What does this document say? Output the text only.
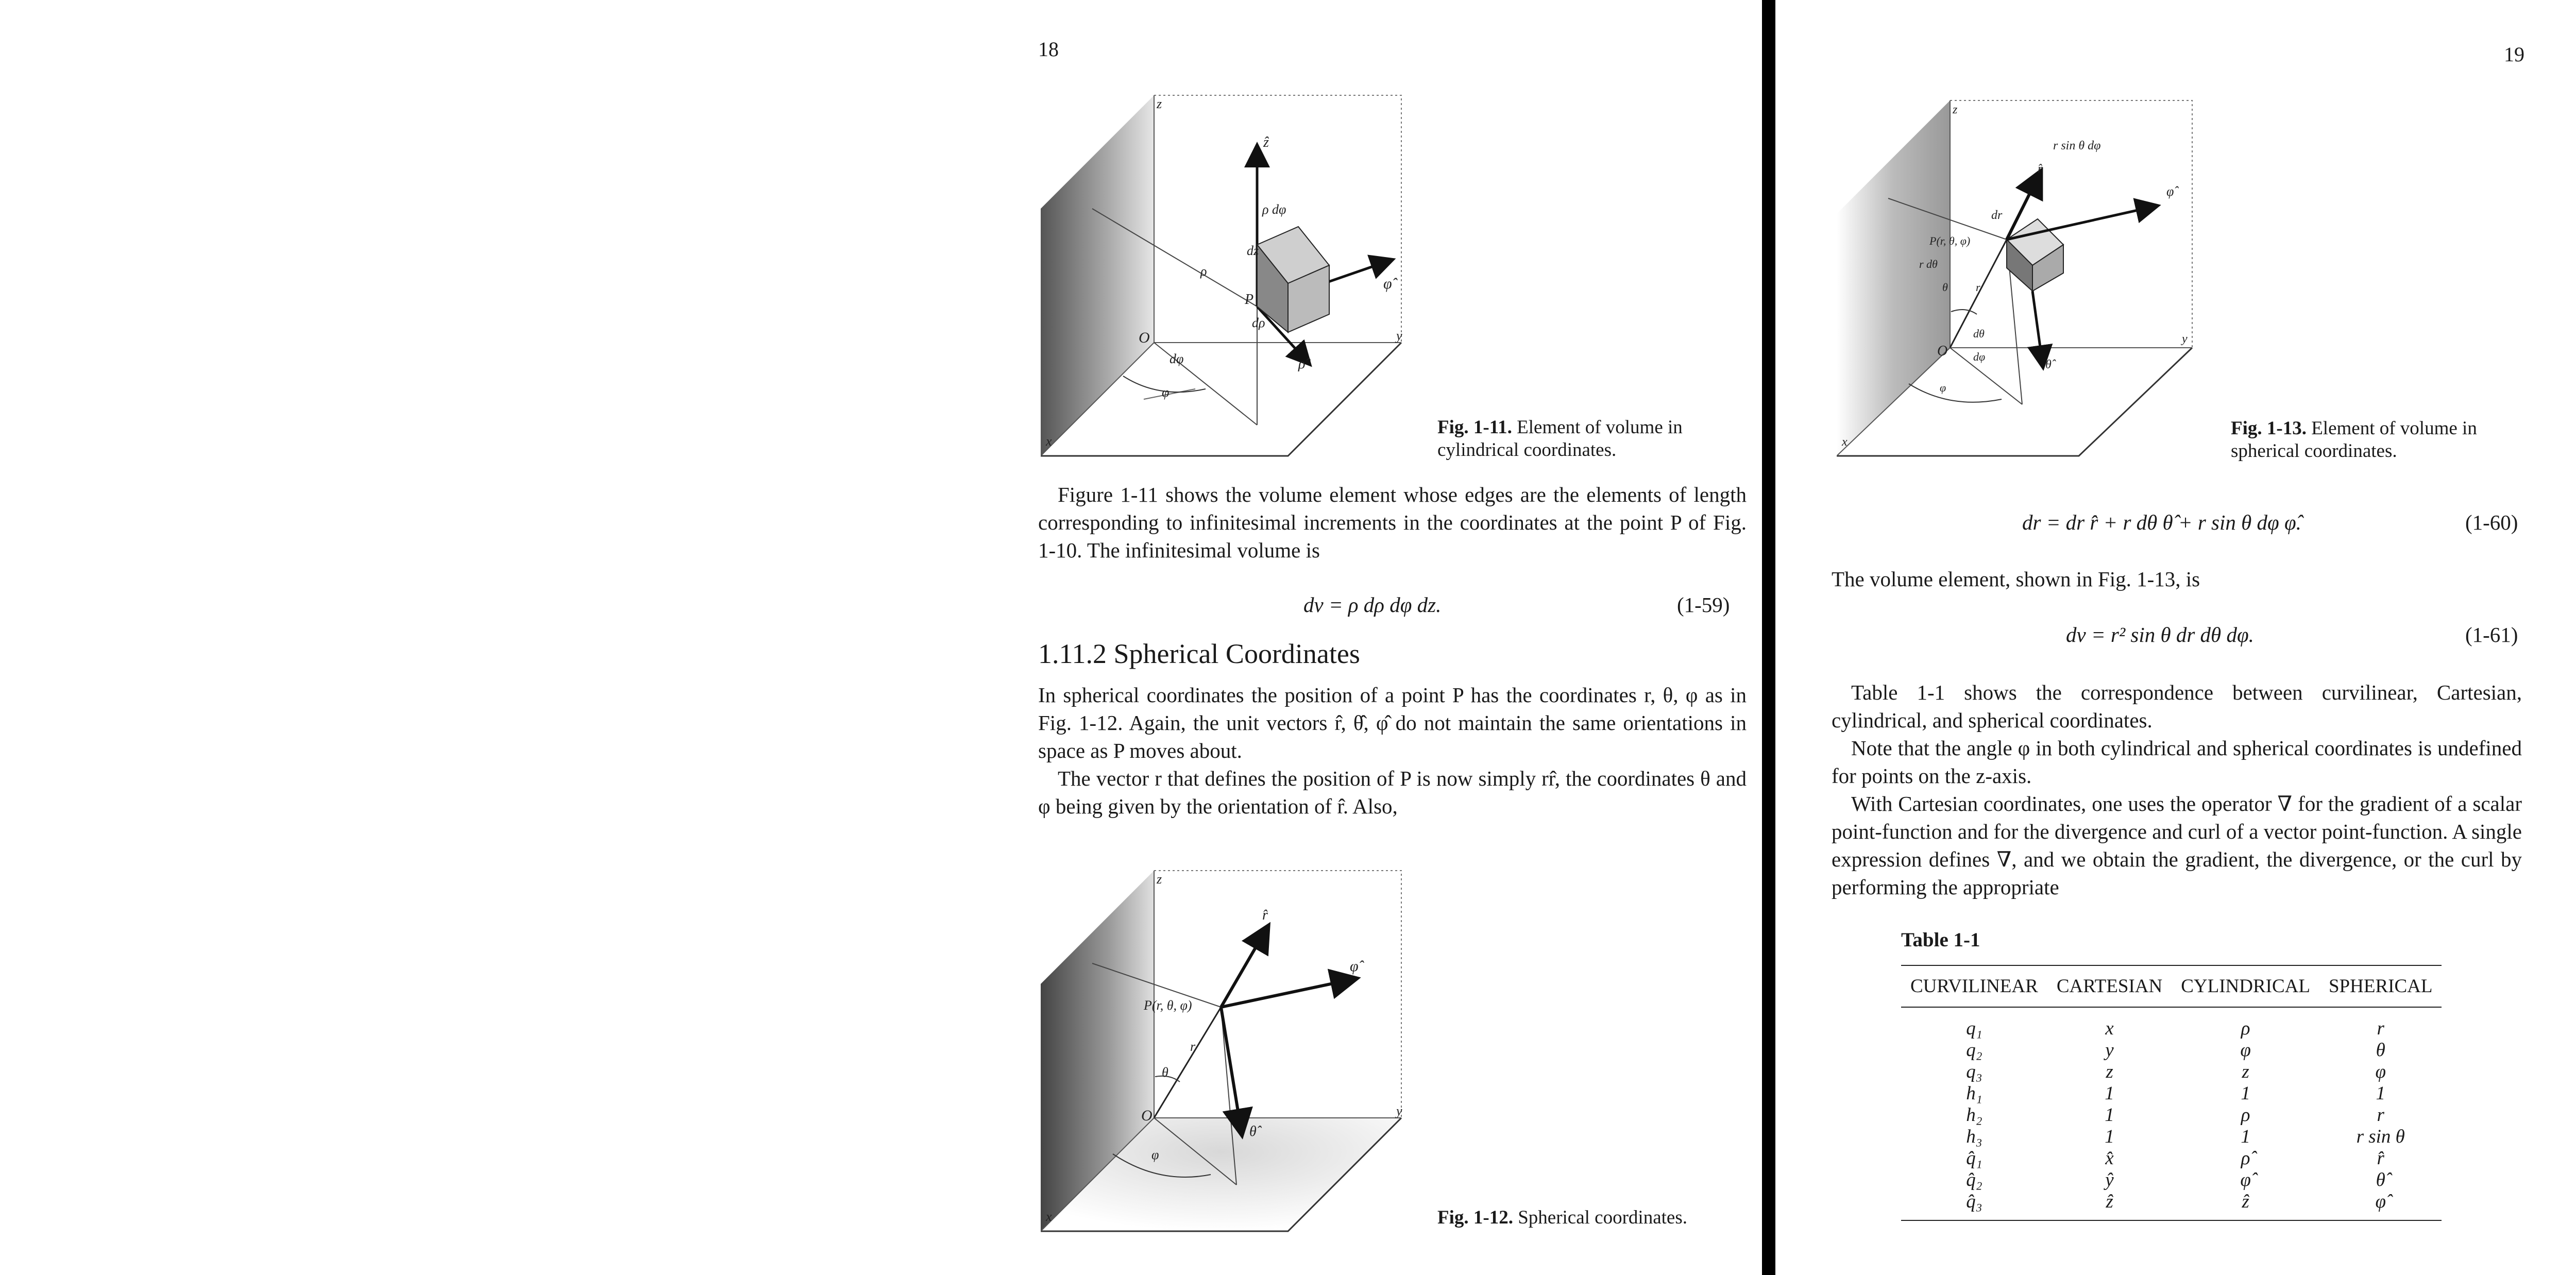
18
ẑ
ρ dφ
dz
ρ
P
φ̂
dρ
ρ̂
O
dφ
φ
x
y
z
Fig. 1-11. Element of volume in cylindrical coordinates.

Figure 1-11 shows the volume element whose edges are the elements of length corresponding to infinitesimal increments in the coordinates at the point P of Fig. 1-10. The infinitesimal volume is

dv = ρ dρ dφ dz.	(1-59)
1.11.2 Spherical Coordinates

In spherical coordinates the position of a point P has the coordinates r, θ, φ as in Fig. 1-12. Again, the unit vectors r̂, θ̂, φ̂ do not maintain the same orientations in space as P moves about.

The vector r that defines the position of P is now simply rr̂, the coordinates θ and φ being given by the orientation of r̂. Also,

r̂
φ̂
P(r, θ, φ)
r
θ
θ̂
O
φ
x
y
z
Fig. 1-12. Spherical coordinates.
19
r̂
r sin θ dφ
φ̂
dr
P(r, θ, φ)
r dθ
θ r
O
dθ
dφ
θ̂
φ
x
y
z
Fig. 1-13. Element of volume in spherical coordinates.
dr = dr r̂ + r dθ θ̂ + r sin θ dφ φ̂.	(1-60)

The volume element, shown in Fig. 1-13, is

dv = r² sin θ dr dθ dφ.	(1-61)

Table 1-1 shows the correspondence between curvilinear, Cartesian, cylindrical, and spherical coordinates.

Note that the angle φ in both cylindrical and spherical coordinates is undefined for points on the z-axis.

With Cartesian coordinates, one uses the operator ∇ for the gradient of a scalar point-function and for the divergence and curl of a vector point-function. A single expression defines ∇, and we obtain the gradient, the divergence, or the curl by performing the appropriate

Table 1-1
CURVILINEAR	CARTESIAN	CYLINDRICAL	SPHERICAL
q₁	x	ρ	r
q₂	y	φ	θ
q₃	z	z	φ
h₁	1	1	1
h₂	1	ρ	r
h₃	1	1	r sin θ
q̂₁	x̂	ρ̂	r̂
q̂₂	ŷ	φ̂	θ̂
q̂₃	ẑ	ẑ	φ̂
